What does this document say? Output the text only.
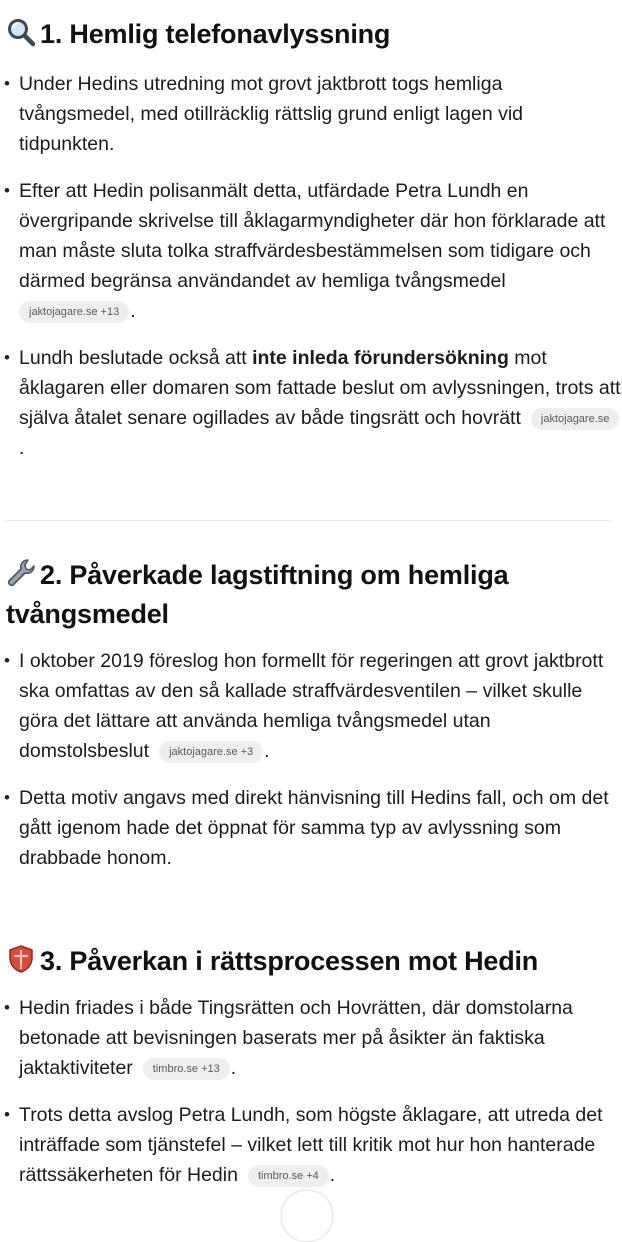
1. Hemlig telefonavlyssning
• Under Hedins utredning mot grovt jaktbrott togs hemliga tvångsmedel, med otillräcklig rättslig grund enligt lagen vid tidpunkten.
• Efter att Hedin polisanmält detta, utfärdade Petra Lundh en övergripande skrivelse till åklagarmyndigheter där hon förklarade att man måste sluta tolka straffvärdesbestämmelsen som tidigare och därmed begränsa användandet av hemliga tvångsmedel
jaktojagare.se +13 .
• Lundh beslutade också att inte inleda förundersökning mot åklagaren eller domaren som fattade beslut om avlyssningen, trots att själva åtalet senare ogillades av både tingsrätt och hovrätt jaktojagare.se.
2. Påverkade lagstiftning om hemliga tvångsmedel
• I oktober 2019 föreslog hon formellt för regeringen att grovt jaktbrott ska omfattas av den så kallade straffvärdesventilen – vilket skulle göra det lättare att använda hemliga tvångsmedel utan domstolsbeslut jaktojagare.se +3 .
• Detta motiv angavs med direkt hänvisning till Hedins fall, och om det gått igenom hade det öppnat för samma typ av avlyssning som drabbade honom.
3. Påverkan i rättsprocessen mot Hedin
• Hedin friades i både Tingsrätten och Hovrätten, där domstolarna betonade att bevisningen baserats mer på åsikter än faktiska jaktaktiviteter timbro.se +13 .
• Trots detta avslog Petra Lundh, som högste åklagare, att utreda det inträffade som tjänstefel – vilket lett till kritik mot hur hon hanterade rättssäkerheten för Hedin timbro.se +4 .
